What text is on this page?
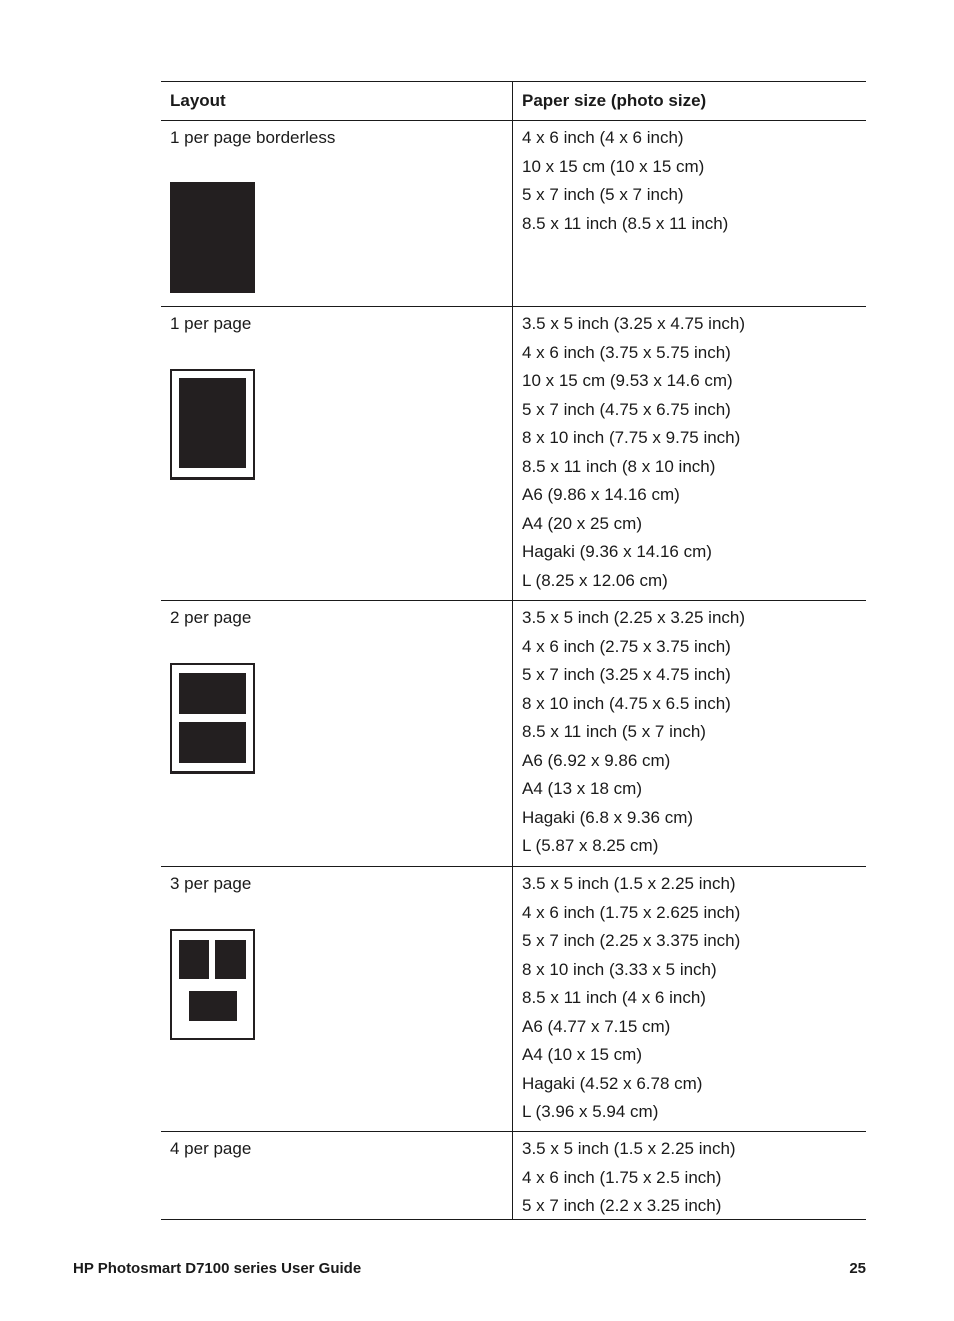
Layout	Paper size (photo size)
1 per page borderless	4 x 6 inch (4 x 6 inch)
10 x 15 cm (10 x 15 cm)
5 x 7 inch (5 x 7 inch)
8.5 x 11 inch (8.5 x 11 inch)
1 per page	3.5 x 5 inch (3.25 x 4.75 inch)
4 x 6 inch (3.75 x 5.75 inch)
10 x 15 cm (9.53 x 14.6 cm)
5 x 7 inch (4.75 x 6.75 inch)
8 x 10 inch (7.75 x 9.75 inch)
8.5 x 11 inch (8 x 10 inch)
A6 (9.86 x 14.16 cm)
A4 (20 x 25 cm)
Hagaki (9.36 x 14.16 cm)
L (8.25 x 12.06 cm)
2 per page	3.5 x 5 inch (2.25 x 3.25 inch)
4 x 6 inch (2.75 x 3.75 inch)
5 x 7 inch (3.25 x 4.75 inch)
8 x 10 inch (4.75 x 6.5 inch)
8.5 x 11 inch (5 x 7 inch)
A6 (6.92 x 9.86 cm)
A4 (13 x 18 cm)
Hagaki (6.8 x 9.36 cm)
L (5.87 x 8.25 cm)
3 per page	3.5 x 5 inch (1.5 x 2.25 inch)
4 x 6 inch (1.75 x 2.625 inch)
5 x 7 inch (2.25 x 3.375 inch)
8 x 10 inch (3.33 x 5 inch)
8.5 x 11 inch (4 x 6 inch)
A6 (4.77 x 7.15 cm)
A4 (10 x 15 cm)
Hagaki (4.52 x 6.78 cm)
L (3.96 x 5.94 cm)
4 per page	3.5 x 5 inch (1.5 x 2.25 inch)
4 x 6 inch (1.75 x 2.5 inch)
5 x 7 inch (2.2 x 3.25 inch)
HP Photosmart D7100 series User Guide	25
